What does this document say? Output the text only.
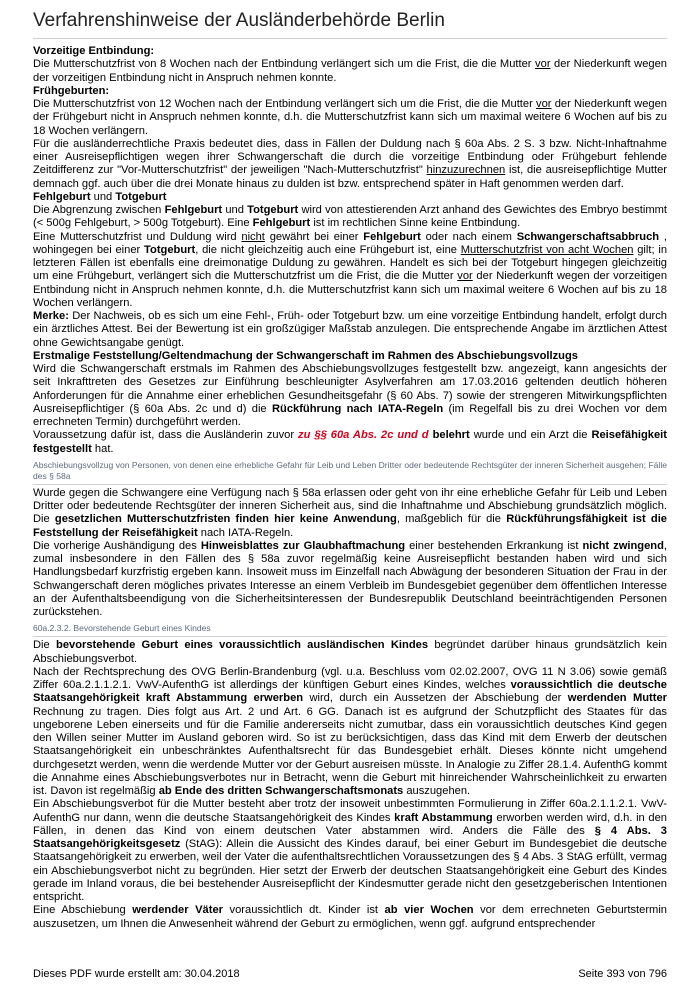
Verfahrenshinweise der Ausländerbehörde Berlin

Vorzeitige Entbindung:

Die Mutterschutzfrist von 8 Wochen nach der Entbindung verlängert sich um die Frist, die die Mutter vor der Niederkunft wegen der vorzeitigen Entbindung nicht in Anspruch nehmen konnte.

Frühgeburten:

Die Mutterschutzfrist von 12 Wochen nach der Entbindung verlängert sich um die Frist, die die Mutter vor der Niederkunft wegen der Frühgeburt nicht in Anspruch nehmen konnte, d.h. die Mutterschutzfrist kann sich um maximal weitere 6 Wochen auf bis zu 18 Wochen verlängern.

Für die ausländerrechtliche Praxis bedeutet dies, dass in Fällen der Duldung nach § 60a Abs. 2 S. 3 bzw. Nicht-Inhaftnahme einer Ausreisepflichtigen wegen ihrer Schwangerschaft die durch die vorzeitige Entbindung oder Frühgeburt fehlende Zeitdifferenz zur "Vor-Mutterschutzfrist" der jeweiligen "Nach-Mutterschutzfrist" hinzuzurechnen ist, die ausreisepflichtige Mutter demnach ggf. auch über die drei Monate hinaus zu dulden ist bzw. entsprechend später in Haft genommen werden darf.

Fehlgeburt und Totgeburt

Die Abgrenzung zwischen Fehlgeburt und Totgeburt wird von attestierenden Arzt anhand des Gewichtes des Embryo bestimmt (< 500g Fehlgeburt, > 500g Totgeburt). Eine Fehlgeburt ist im rechtlichen Sinne keine Entbindung.

Eine Mutterschutzfrist und Duldung wird nicht gewährt bei einer Fehlgeburt oder nach einem Schwangerschaftsabbruch , wohingegen bei einer Totgeburt, die nicht gleichzeitig auch eine Frühgeburt ist, eine Mutterschutzfrist von acht Wochen gilt; in letzteren Fällen ist ebenfalls eine dreimonatige Duldung zu gewähren. Handelt es sich bei der Totgeburt hingegen gleichzeitig um eine Frühgeburt, verlängert sich die Mutterschutzfrist um die Frist, die die Mutter vor der Niederkunft wegen der vorzeitigen Entbindung nicht in Anspruch nehmen konnte, d.h. die Mutterschutzfrist kann sich um maximal weitere 6 Wochen auf bis zu 18 Wochen verlängern.

Merke: Der Nachweis, ob es sich um eine Fehl-, Früh- oder Totgeburt bzw. um eine vorzeitige Entbindung handelt, erfolgt durch ein ärztliches Attest. Bei der Bewertung ist ein großzügiger Maßstab anzulegen. Die entsprechende Angabe im ärztlichen Attest ohne Gewichtsangabe genügt.

Erstmalige Feststellung/Geltendmachung der Schwangerschaft im Rahmen des Abschiebungsvollzugs

Wird die Schwangerschaft erstmals im Rahmen des Abschiebungsvollzuges festgestellt bzw. angezeigt, kann angesichts der seit Inkrafttreten des Gesetzes zur Einführung beschleunigter Asylverfahren am 17.03.2016 geltenden deutlich höheren Anforderungen für die Annahme einer erheblichen Gesundheitsgefahr (§ 60 Abs. 7) sowie der strengeren Mitwirkungspflichten Ausreisepflichtiger (§ 60a Abs. 2c und d) die Rückführung nach IATA-Regeln (im Regelfall bis zu drei Wochen vor dem errechneten Termin) durchgeführt werden.

Voraussetzung dafür ist, dass die Ausländerin zuvor zu §§ 60a Abs. 2c und d belehrt wurde und ein Arzt die Reisefähigkeit festgestellt hat.

Abschiebungsvollzug von Personen, von denen eine erhebliche Gefahr für Leib und Leben Dritter oder bedeutende Rechtsgüter der inneren Sicherheit ausgehen; Fälle des § 58a

Wurde gegen die Schwangere eine Verfügung nach § 58a erlassen oder geht von ihr eine erhebliche Gefahr für Leib und Leben Dritter oder bedeutende Rechtsgüter der inneren Sicherheit aus, sind die Inhaftnahme und Abschiebung grundsätzlich möglich. Die gesetzlichen Mutterschutzfristen finden hier keine Anwendung, maßgeblich für die Rückführungsfähigkeit ist die Feststellung der Reisefähigkeit nach IATA-Regeln.

Die vorherige Aushändigung des Hinweisblattes zur Glaubhaftmachung einer bestehenden Erkrankung ist nicht zwingend, zumal insbesondere in den Fällen des § 58a zuvor regelmäßig keine Ausreisepflicht bestanden haben wird und sich Handlungsbedarf kurzfristig ergeben kann. Insoweit muss im Einzelfall nach Abwägung der besonderen Situation der Frau in der Schwangerschaft deren mögliches privates Interesse an einem Verbleib im Bundesgebiet gegenüber dem öffentlichen Interesse an der Aufenthaltsbeendigung von die Sicherheitsinteressen der Bundesrepublik Deutschland beeinträchtigenden Personen zurückstehen.

60a.2.3.2. Bevorstehende Geburt eines Kindes

Die bevorstehende Geburt eines voraussichtlich ausländischen Kindes begründet darüber hinaus grundsätzlich kein Abschiebungsverbot.

Nach der Rechtsprechung des OVG Berlin-Brandenburg (vgl. u.a. Beschluss vom 02.02.2007, OVG 11 N 3.06) sowie gemäß Ziffer 60a.2.1.1.2.1. VwV-AufenthG ist allerdings der künftigen Geburt eines Kindes, welches voraussichtlich die deutsche Staatsangehörigkeit kraft Abstammung erwerben wird, durch ein Aussetzen der Abschiebung der werdenden Mutter Rechnung zu tragen. Dies folgt aus Art. 2 und Art. 6 GG. Danach ist es aufgrund der Schutzpflicht des Staates für das ungeborene Leben einerseits und für die Familie andererseits nicht zumutbar, dass ein voraussichtlich deutsches Kind gegen den Willen seiner Mutter im Ausland geboren wird. So ist zu berücksichtigen, dass das Kind mit dem Erwerb der deutschen Staatsangehörigkeit ein unbeschränktes Aufenthaltsrecht für das Bundesgebiet erhält. Dieses könnte nicht umgehend durchgesetzt werden, wenn die werdende Mutter vor der Geburt ausreisen müsste. In Analogie zu Ziffer 28.1.4. AufenthG kommt die Annahme eines Abschiebungsverbotes nur in Betracht, wenn die Geburt mit hinreichender Wahrscheinlichkeit zu erwarten ist. Davon ist regelmäßig ab Ende des dritten Schwangerschaftsmonats auszugehen.

Ein Abschiebungsverbot für die Mutter besteht aber trotz der insoweit unbestimmten Formulierung in Ziffer 60a.2.1.1.2.1. VwV-AufenthG nur dann, wenn die deutsche Staatsangehörigkeit des Kindes kraft Abstammung erworben werden wird, d.h. in den Fällen, in denen das Kind von einem deutschen Vater abstammen wird. Anders die Fälle des § 4 Abs. 3 Staatsangehörigkeitsgesetz (StAG): Allein die Aussicht des Kindes darauf, bei einer Geburt im Bundesgebiet die deutsche Staatsangehörigkeit zu erwerben, weil der Vater die aufenthaltsrechtlichen Voraussetzungen des § 4 Abs. 3 StAG erfüllt, vermag ein Abschiebungsverbot nicht zu begründen. Hier setzt der Erwerb der deutschen Staatsangehörigkeit eine Geburt des Kindes gerade im Inland voraus, die bei bestehender Ausreisepflicht der Kindesmutter gerade nicht den gesetzgeberischen Intentionen entspricht.

Eine Abschiebung werdender Väter voraussichtlich dt. Kinder ist ab vier Wochen vor dem errechneten Geburtstermin auszusetzen, um Ihnen die Anwesenheit während der Geburt zu ermöglichen, wenn ggf. aufgrund entsprechender

Dieses PDF wurde erstellt am: 30.04.2018	Seite 393 von 796
